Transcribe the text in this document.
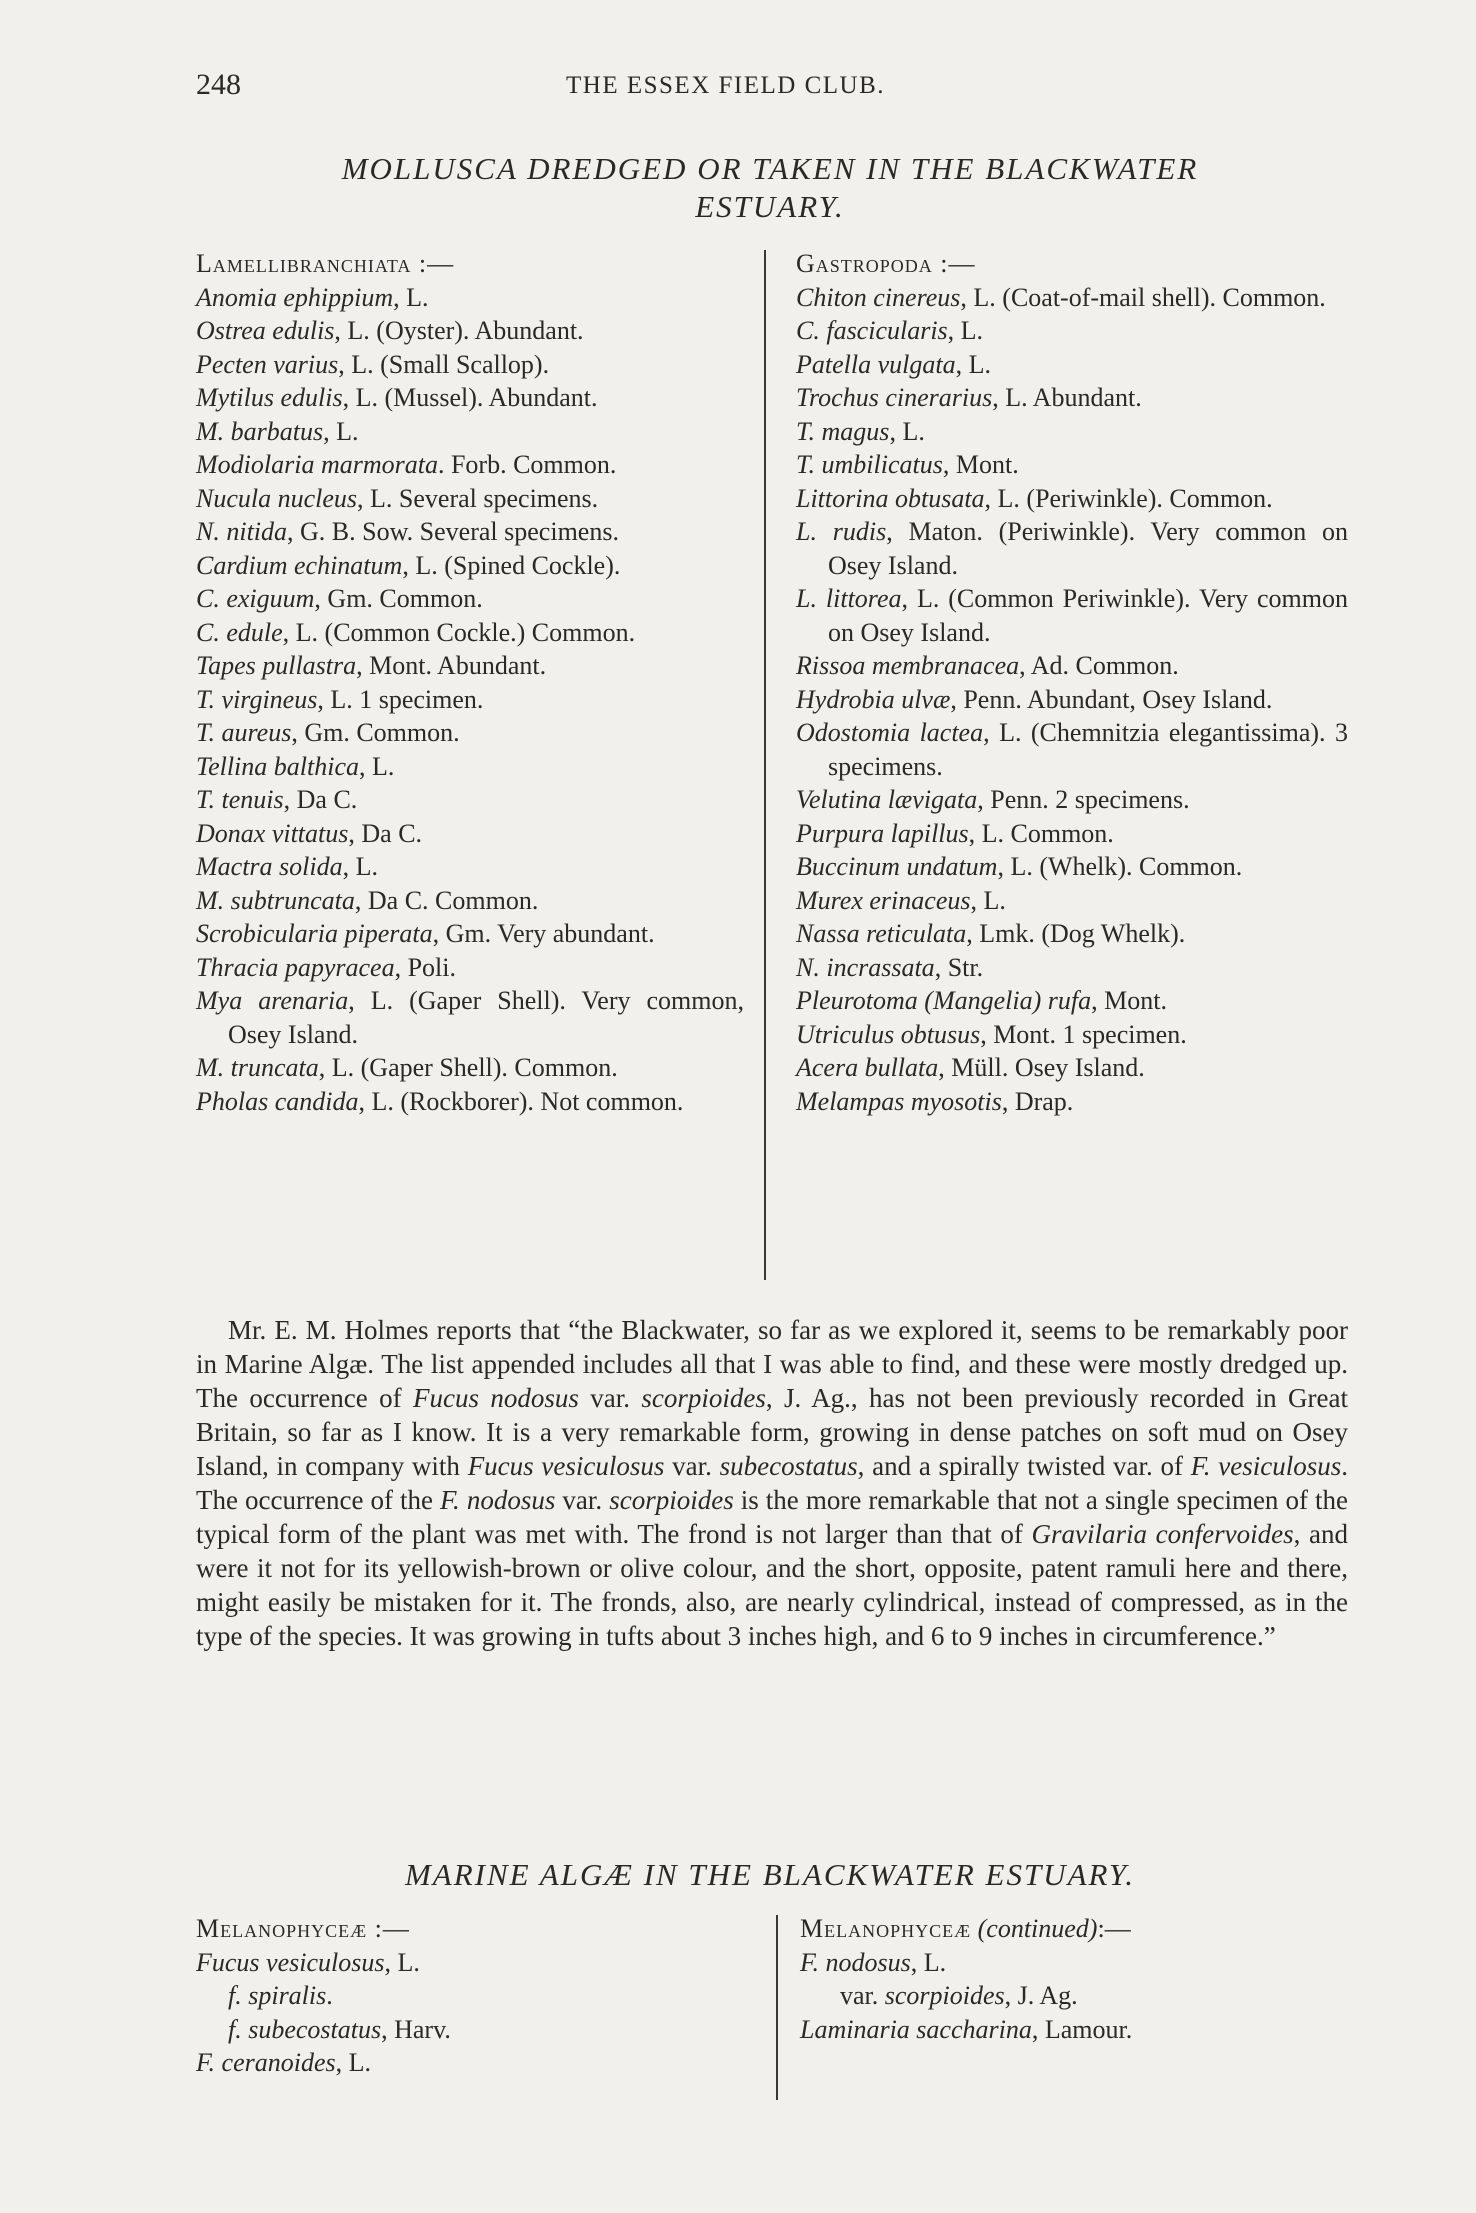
248	THE ESSEX FIELD CLUB.
MOLLUSCA DREDGED OR TAKEN IN THE BLACKWATER
ESTUARY.
Lamellibranchiata :—
Anomia ephippium, L.
Ostrea edulis, L. (Oyster). Abundant.
Pecten varius, L. (Small Scallop).
Mytilus edulis, L. (Mussel). Abundant.
M. barbatus, L.
Modiolaria marmorata. Forb. Common.
Nucula nucleus, L. Several specimens.
N. nitida, G. B. Sow. Several specimens.
Cardium echinatum, L. (Spined Cockle).
C. exiguum, Gm. Common.
C. edule, L. (Common Cockle.) Common.
Tapes pullastra, Mont. Abundant.
T. virgineus, L. 1 specimen.
T. aureus, Gm. Common.
Tellina balthica, L.
T. tenuis, Da C.
Donax vittatus, Da C.
Mactra solida, L.
M. subtruncata, Da C. Common.
Scrobicularia piperata, Gm. Very abundant.
Thracia papyracea, Poli.
Mya arenaria, L. (Gaper Shell). Very common, Osey Island.
M. truncata, L. (Gaper Shell). Common.
Pholas candida, L. (Rockborer). Not common.
Gastropoda :—
Chiton cinereus, L. (Coat-of-mail shell). Common.
C. fascicularis, L.
Patella vulgata, L.
Trochus cinerarius, L. Abundant.
T. magus, L.
T. umbilicatus, Mont.
Littorina obtusata, L. (Periwinkle). Common.
L. rudis, Maton. (Periwinkle). Very common on Osey Island.
L. littorea, L. (Common Periwinkle). Very common on Osey Island.
Rissoa membranacea, Ad. Common.
Hydrobia ulvæ, Penn. Abundant, Osey Island.
Odostomia lactea, L. (Chemnitzia elegantissima). 3 specimens.
Velutina lævigata, Penn. 2 specimens.
Purpura lapillus, L. Common.
Buccinum undatum, L. (Whelk). Common.
Murex erinaceus, L.
Nassa reticulata, Lmk. (Dog Whelk).
N. incrassata, Str.
Pleurotoma (Mangelia) rufa, Mont.
Utriculus obtusus, Mont. 1 specimen.
Acera bullata, Müll. Osey Island.
Melampas myosotis, Drap.
Mr. E. M. Holmes reports that “the Blackwater, so far as we explored it, seems to be remarkably poor in Marine Algæ. The list appended includes all that I was able to find, and these were mostly dredged up. The occurrence of Fucus nodosus var. scorpioides, J. Ag., has not been previously recorded in Great Britain, so far as I know. It is a very remarkable form, growing in dense patches on soft mud on Osey Island, in company with Fucus vesiculosus var. subecostatus, and a spirally twisted var. of F. vesiculosus. The occurrence of the F. nodosus var. scorpioides is the more remarkable that not a single specimen of the typical form of the plant was met with. The frond is not larger than that of Gravilaria confervoides, and were it not for its yellowish-brown or olive colour, and the short, opposite, patent ramuli here and there, might easily be mistaken for it. The fronds, also, are nearly cylindrical, instead of compressed, as in the type of the species. It was growing in tufts about 3 inches high, and 6 to 9 inches in circumference.”
MARINE ALGÆ IN THE BLACKWATER ESTUARY.
Melanophyceæ :—
Fucus vesiculosus, L.
f. spiralis.
f. subecostatus, Harv.
F. ceranoides, L.
Melanophyceæ (continued):—
F. nodosus, L.
var. scorpioides, J. Ag.
Laminaria saccharina, Lamour.
